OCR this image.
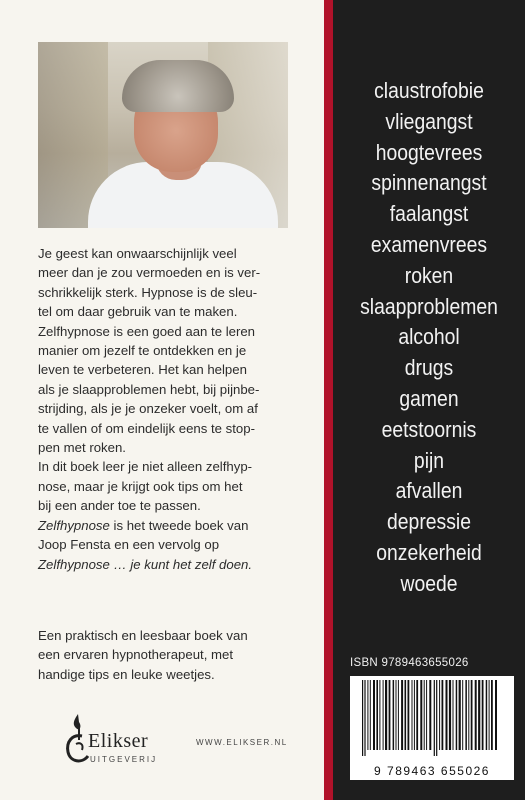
Je geest kan onwaarschijnlijk veel

meer dan je zou vermoeden en is ver-

schrikkelijk sterk. Hypnose is de sleu-

tel om daar gebruik van te maken.

Zelfhypnose is een goed aan te leren

manier om jezelf te ontdekken en je

leven te verbeteren. Het kan helpen

als je slaapproblemen hebt, bij pijnbe-

strijding, als je je onzeker voelt, om af

te vallen of om eindelijk eens te stop-

pen met roken.

In dit boek leer je niet alleen zelfhyp-

nose, maar je krijgt ook tips om het

bij een ander toe te passen.

Zelfhypnose is het tweede boek van

Joop Fensta en een vervolg op

Zelfhypnose … je kunt het zelf doen.

Een praktisch en leesbaar boek van

een ervaren hypnotherapeut, met

handige tips en leuke weetjes.

Elikser
UITGEVERIJ
WWW.ELIKSER.NL
claustrofobie
vliegangst
hoogtevrees
spinnenangst
faalangst
examenvrees
roken
slaapproblemen
alcohol
drugs
gamen
eetstoornis
pijn
afvallen
depressie
onzekerheid
woede
ISBN 9789463655026
9 789463 655026
